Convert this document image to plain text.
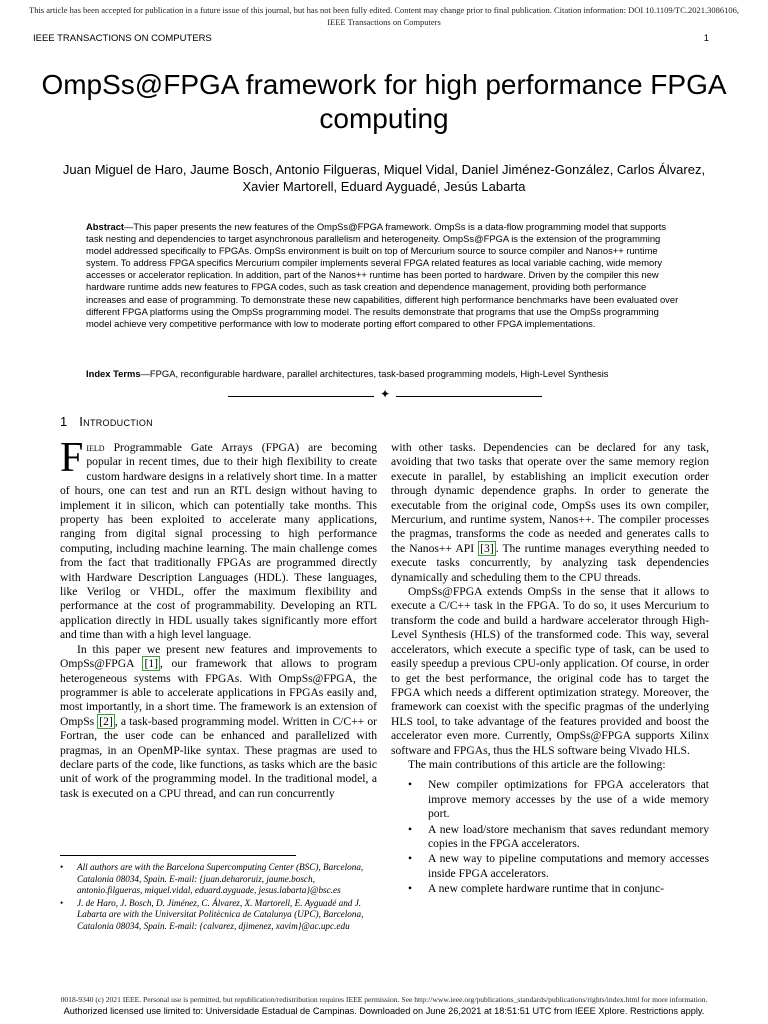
This article has been accepted for publication in a future issue of this journal, but has not been fully edited. Content may change prior to final publication. Citation information: DOI 10.1109/TC.2021.3086106, IEEE Transactions on Computers
IEEE TRANSACTIONS ON COMPUTERS	1
OmpSs@FPGA framework for high performance FPGA computing
Juan Miguel de Haro, Jaume Bosch, Antonio Filgueras, Miquel Vidal, Daniel Jiménez-González, Carlos Álvarez, Xavier Martorell, Eduard Ayguadé, Jesús Labarta
Abstract—This paper presents the new features of the OmpSs@FPGA framework. OmpSs is a data-flow programming model that supports task nesting and dependencies to target asynchronous parallelism and heterogeneity. OmpSs@FPGA is the extension of the programming model addressed specifically to FPGAs. OmpSs environment is built on top of Mercurium source to source compiler and Nanos++ runtime system. To address FPGA specifics Mercurium compiler implements several FPGA related features as local variable caching, wide memory accesses or accelerator replication. In addition, part of the Nanos++ runtime has been ported to hardware. Driven by the compiler this new hardware runtime adds new features to FPGA codes, such as task creation and dependence management, providing both performance increases and ease of programming. To demonstrate these new capabilities, different high performance benchmarks have been evaluated over different FPGA platforms using the OmpSs programming model. The results demonstrate that programs that use the OmpSs programming model achieve very competitive performance with low to moderate porting effort compared to other FPGA implementations.
Index Terms—FPGA, reconfigurable hardware, parallel architectures, task-based programming models, High-Level Synthesis
✦
1 Introduction

Field Programmable Gate Arrays (FPGA) are becoming popular in recent times, due to their high flexibility to create custom hardware designs in a relatively short time. In a matter of hours, one can test and run an RTL design without having to implement it in silicon, which can potentially take months. This property has been exploited to accelerate many applications, ranging from digital signal processing to high performance computing, including machine learning. The main challenge comes from the fact that traditionally FPGAs are programmed directly with Hardware Description Languages (HDL). These languages, like Verilog or VHDL, offer the maximum flexibility and performance at the cost of programmability. Developing an RTL application directly in HDL usually takes significantly more effort and time than with a high level language.

In this paper we present new features and improvements to OmpSs@FPGA [1] , our framework that allows to program heterogeneous systems with FPGAs. With OmpSs@FPGA, the programmer is able to accelerate applications in FPGAs easily and, most importantly, in a short time. The framework is an extension of OmpSs [2] , a task-based programming model. Written in C/C++ or Fortran, the user code can be enhanced and parallelized with pragmas, in an OpenMP-like syntax. These pragmas are used to declare parts of the code, like functions, as tasks which are the basic unit of work of the programming model. In the traditional model, a task is executed on a CPU thread, and can run concurrently

with other tasks. Dependencies can be declared for any task, avoiding that two tasks that operate over the same memory region execute in parallel, by establishing an implicit execution order through dynamic dependence graphs. In order to generate the executable from the original code, OmpSs uses its own compiler, Mercurium, and runtime system, Nanos++. The compiler processes the pragmas, transforms the code as needed and generates calls to the Nanos++ API [3] . The runtime manages everything needed to execute tasks concurrently, by analyzing task dependencies dynamically and scheduling them to the CPU threads.

OmpSs@FPGA extends OmpSs in the sense that it allows to execute a C/C++ task in the FPGA. To do so, it uses Mercurium to transform the code and build a hardware accelerator through High-Level Synthesis (HLS) of the transformed code. This way, several accelerators, which execute a specific type of task, can be used to easily speedup a previous CPU-only application. Of course, in order to get the best performance, the original code has to target the FPGA which needs a different optimization strategy. Moreover, the framework can coexist with the specific pragmas of the underlying HLS tool, to take advantage of the features provided and boost the accelerator even more. Currently, OmpSs@FPGA supports Xilinx software and FPGAs, thus the HLS software being Vivado HLS.

The main contributions of this article are the following:

• New compiler optimizations for FPGA accelerators that improve memory accesses by the use of a wide memory port.
• A new load/store mechanism that saves redundant memory copies in the FPGA accelerators.
• A new way to pipeline computations and memory accesses inside FPGA accelerators.
• A new complete hardware runtime that in conjunc-
• All authors are with the Barcelona Supercomputing Center (BSC), Barcelona, Catalonia 08034, Spain. E-mail: {juan.deharoruiz, jaume.bosch, antonio.filgueras, miquel.vidal, eduard.ayguade, jesus.labarta}@bsc.es
• J. de Haro, J. Bosch, D. Jiménez, C. Álvarez, X. Martorell, E. Ayguadé and J. Labarta are with the Universitat Politècnica de Catalunya (UPC), Barcelona, Catalonia 08034, Spain. E-mail: {calvarez, djimenez, xavim}@ac.upc.edu
0018-9340 (c) 2021 IEEE. Personal use is permitted, but republication/redistribution requires IEEE permission. See http://www.ieee.org/publications_standards/publications/rights/index.html for more information.
Authorized licensed use limited to: Universidade Estadual de Campinas. Downloaded on June 26,2021 at 18:51:51 UTC from IEEE Xplore. Restrictions apply.
